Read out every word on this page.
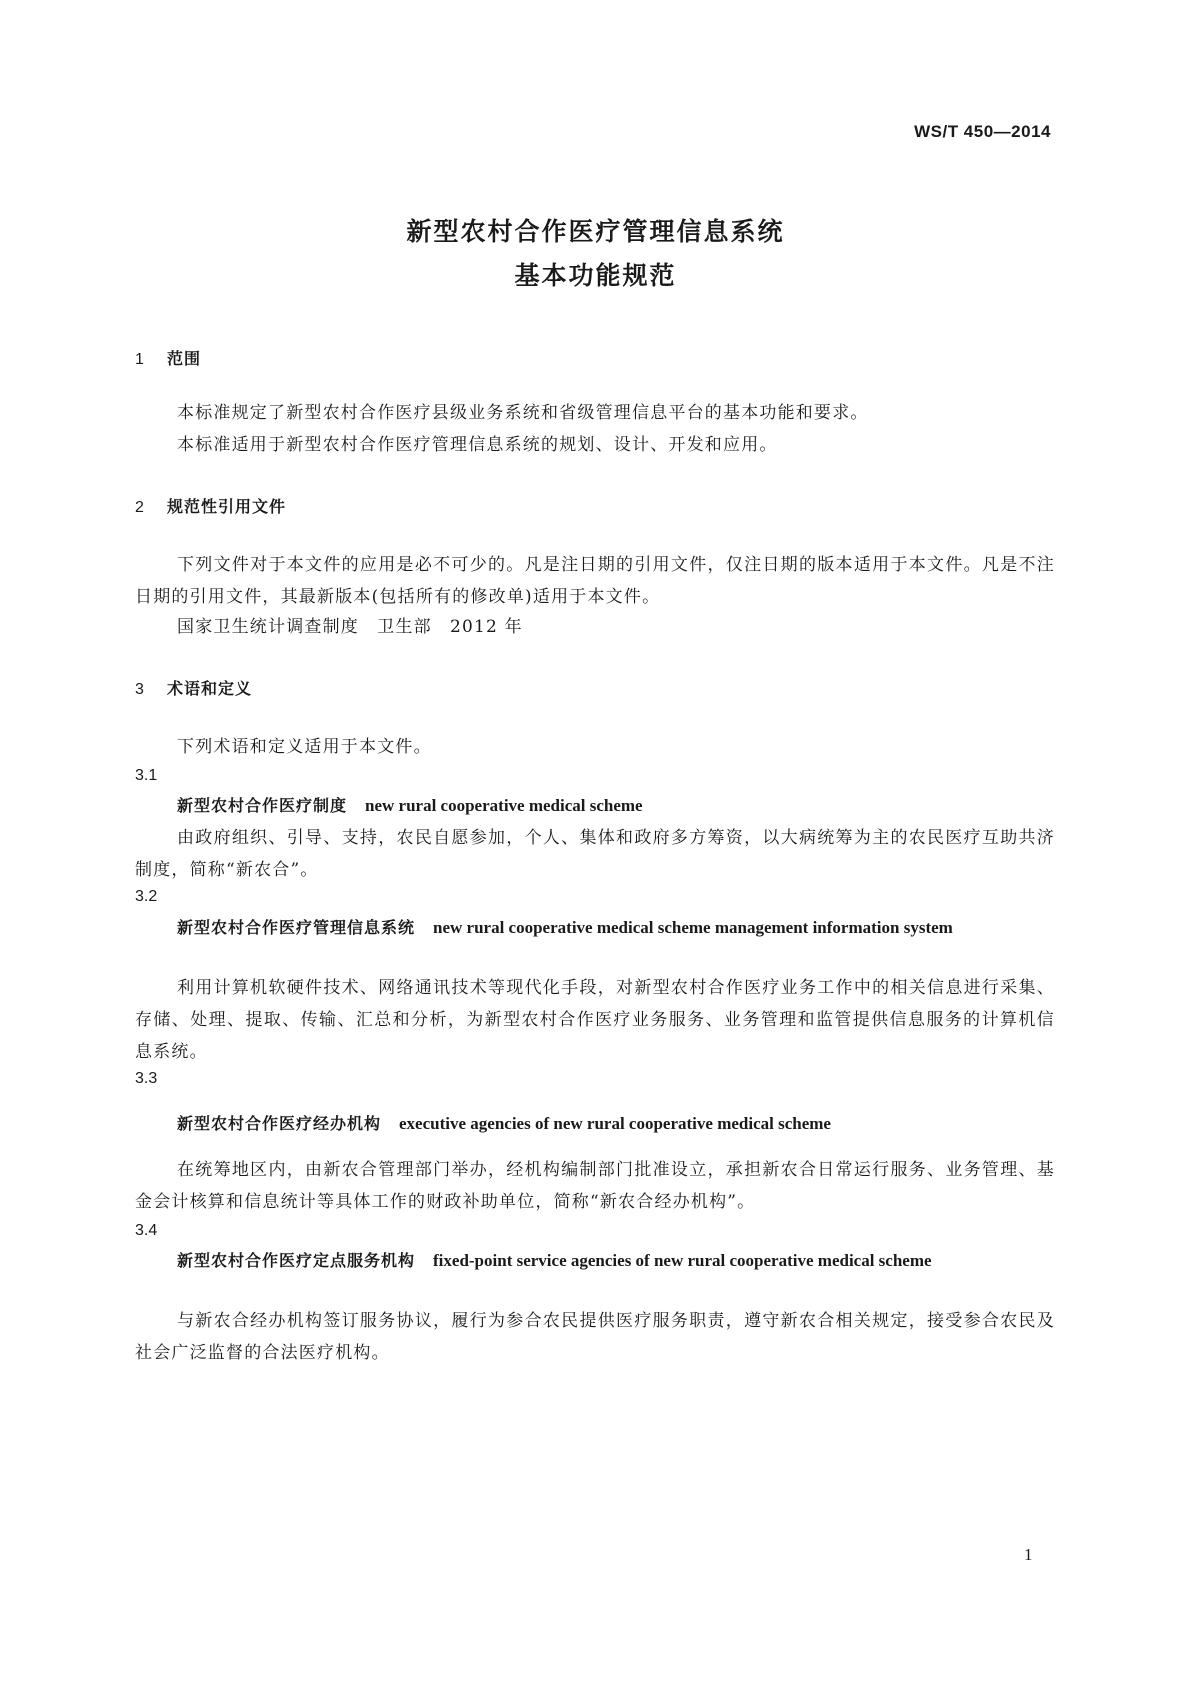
WS/T 450—2014
新型农村合作医疗管理信息系统
基本功能规范
1 范围
本标准规定了新型农村合作医疗县级业务系统和省级管理信息平台的基本功能和要求。
本标准适用于新型农村合作医疗管理信息系统的规划、设计、开发和应用。
2 规范性引用文件
下列文件对于本文件的应用是必不可少的。凡是注日期的引用文件，仅注日期的版本适用于本文件。凡是不注日期的引用文件，其最新版本(包括所有的修改单)适用于本文件。
国家卫生统计调查制度　卫生部　2012 年
3 术语和定义
下列术语和定义适用于本文件。
3.1
新型农村合作医疗制度 new rural cooperative medical scheme
由政府组织、引导、支持，农民自愿参加，个人、集体和政府多方筹资，以大病统筹为主的农民医疗互助共济制度，简称“新农合”。
3.2
新型农村合作医疗管理信息系统 new rural cooperative medical scheme management information system
利用计算机软硬件技术、网络通讯技术等现代化手段，对新型农村合作医疗业务工作中的相关信息进行采集、存储、处理、提取、传输、汇总和分析，为新型农村合作医疗业务服务、业务管理和监管提供信息服务的计算机信息系统。
3.3
新型农村合作医疗经办机构 executive agencies of new rural cooperative medical scheme
在统筹地区内，由新农合管理部门举办，经机构编制部门批准设立，承担新农合日常运行服务、业务管理、基金会计核算和信息统计等具体工作的财政补助单位，简称“新农合经办机构”。
3.4
新型农村合作医疗定点服务机构 fixed-point service agencies of new rural cooperative medical scheme
与新农合经办机构签订服务协议，履行为参合农民提供医疗服务职责，遵守新农合相关规定，接受参合农民及社会广泛监督的合法医疗机构。
1
